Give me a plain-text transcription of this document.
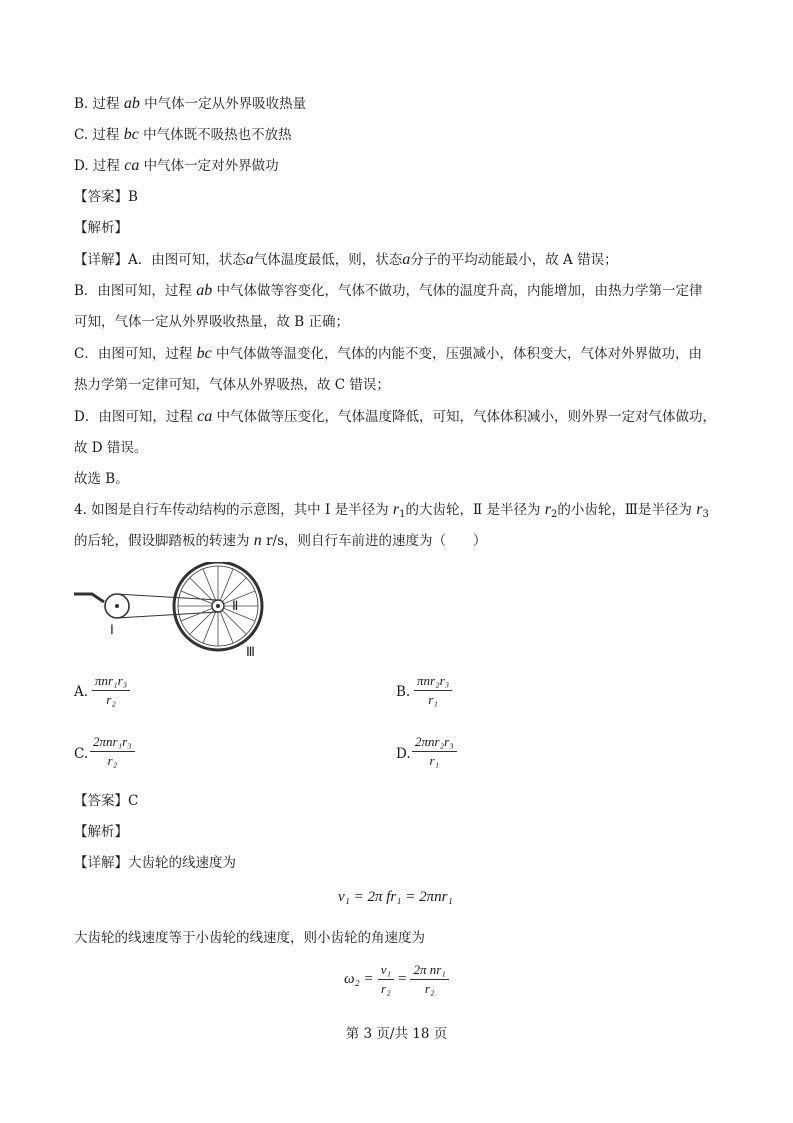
B. 过程 ab 中气体一定从外界吸收热量
C. 过程 bc 中气体既不吸热也不放热
D. 过程 ca 中气体一定对外界做功
【答案】B
【解析】
【详解】A．由图可知，状态a气体温度最低，则，状态a分子的平均动能最小，故 A 错误；
B．由图可知，过程 ab 中气体做等容变化，气体不做功，气体的温度升高，内能增加，由热力学第一定律
可知，气体一定从外界吸收热量，故 B 正确；
C．由图可知，过程 bc 中气体做等温变化，气体的内能不变，压强减小，体积变大，气体对外界做功，由
热力学第一定律可知，气体从外界吸热，故 C 错误；
D．由图可知，过程 ca 中气体做等压变化，气体温度降低，可知，气体体积减小，则外界一定对气体做功，
故 D 错误。
故选 B。
4. 如图是自行车传动结构的示意图，其中 Ⅰ 是半径为 $r_1$的大齿轮，Ⅱ 是半径为 $r_2$的小齿轮，Ⅲ是半径为 $r_3$
的后轮，假设脚踏板的转速为 n r/s，则自行车前进的速度为（　　）
Ⅰ
Ⅱ
Ⅲ
A.
πnr₁r₃
r₂	B.
πnr₂r₃
r₁
C.
2πnr₁r₃
r₂	D.
2πnr₂r₃
r₁
【答案】C
【解析】
【详解】大齿轮的线速度为
v₁ = 2π fr₁ = 2πnr₁
大齿轮的线速度等于小齿轮的线速度，则小齿轮的角速度为
$\omega_2 = \frac{\text{v₁}}{\text{r₂}} = \frac{\text{2π nr₁}}{\text{r₂}}$
第 3 页/共 18 页
